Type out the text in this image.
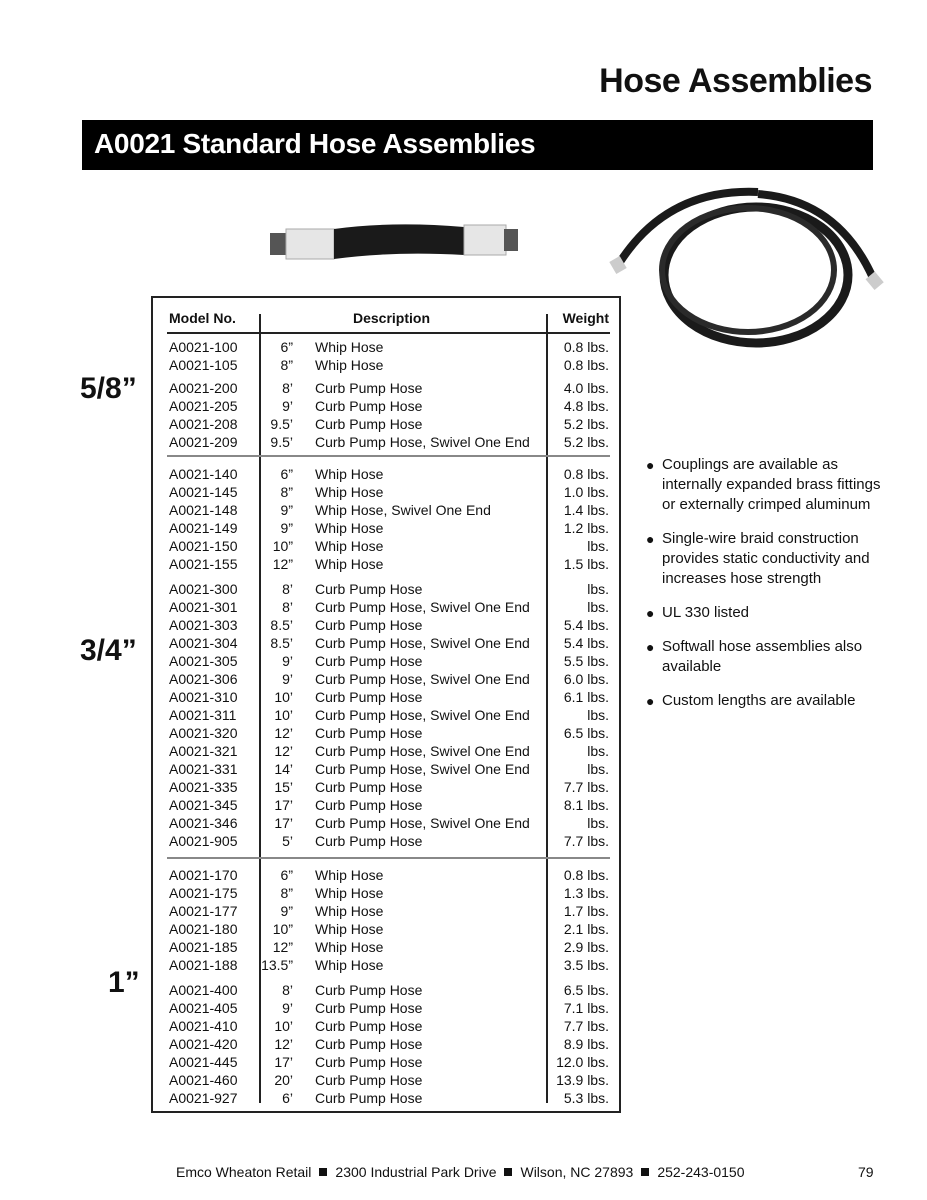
Hose Assemblies
A0021 Standard Hose Assemblies
5/8”
3/4”
1”
Model No.	Description	Weight
A0021-100	6” Whip Hose	0.8 lbs.
A0021-105	8” Whip Hose	0.8 lbs.
A0021-200	8’ Curb Pump Hose	4.0 lbs.
A0021-205	9’ Curb Pump Hose	4.8 lbs.
A0021-208 9.5’ Curb Pump Hose	5.2 lbs.
A0021-209 9.5’ Curb Pump Hose, Swivel One End 5.2 lbs.
A0021-140	6” Whip Hose	0.8 lbs.
A0021-145	8” Whip Hose	1.0 lbs.
A0021-148	9” Whip Hose, Swivel One End	1.4 lbs.
A0021-149	9” Whip Hose	1.2 lbs.
A0021-150	10” Whip Hose	lbs.
A0021-155	12” Whip Hose	1.5 lbs.
A0021-300	8’ Curb Pump Hose	lbs.
A0021-301	8’ Curb Pump Hose, Swivel One End	lbs.
A0021-303 8.5’ Curb Pump Hose	5.4 lbs.
A0021-304 8.5’ Curb Pump Hose, Swivel One End 5.4 lbs.
A0021-305	9’ Curb Pump Hose	5.5 lbs.
A0021-306	9’ Curb Pump Hose, Swivel One End 6.0 lbs.
A0021-310	10’ Curb Pump Hose	6.1 lbs.
A0021-311	10’ Curb Pump Hose, Swivel One End	lbs.
A0021-320	12’ Curb Pump Hose	6.5 lbs.
A0021-321	12’ Curb Pump Hose, Swivel One End	lbs.
A0021-331	14’ Curb Pump Hose, Swivel One End	lbs.
A0021-335	15’ Curb Pump Hose	7.7 lbs.
A0021-345	17’ Curb Pump Hose	8.1 lbs.
A0021-346	17’ Curb Pump Hose, Swivel One End	lbs.
A0021-905	5’ Curb Pump Hose	7.7 lbs.
A0021-170	6” Whip Hose	0.8 lbs.
A0021-175	8” Whip Hose	1.3 lbs.
A0021-177	9” Whip Hose	1.7 lbs.
A0021-180	10” Whip Hose	2.1 lbs.
A0021-185	12” Whip Hose	2.9 lbs.
A0021-188 13.5” Whip Hose	3.5 lbs.
A0021-400	8’ Curb Pump Hose	6.5 lbs.
A0021-405	9’ Curb Pump Hose	7.1 lbs.
A0021-410	10’ Curb Pump Hose	7.7 lbs.
A0021-420	12’ Curb Pump Hose	8.9 lbs.
A0021-445	17’ Curb Pump Hose	12.0 lbs.
A0021-460	20’ Curb Pump Hose	13.9 lbs.
A0021-927	6’ Curb Pump Hose	5.3 lbs.
● Couplings are available as internally expanded brass fittings or externally crimped aluminum
● Single-wire braid construction provides static conductivity and increases hose strength
● UL 330 listed
● Softwall hose assemblies also available
● Custom lengths are available
Emco Wheaton Retail 2300 Industrial Park Drive Wilson, NC 27893 252-243-0150	79
